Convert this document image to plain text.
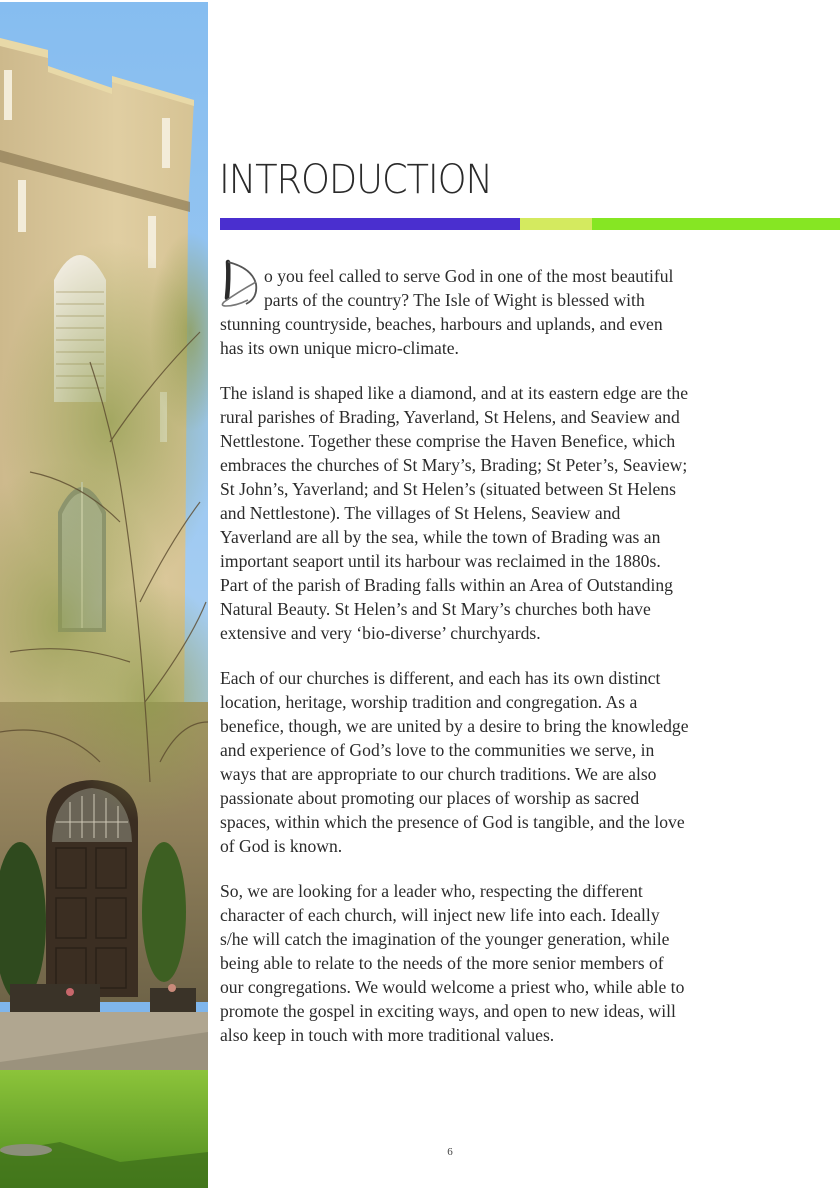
INTRODUCTION

o you feel called to serve God in one of the most beautiful parts of the country? The Isle of Wight is blessed with stunning countryside, beaches, harbours and uplands, and even has its own unique micro-climate.

The island is shaped like a diamond, and at its eastern edge are the rural parishes of Brading, Yaverland, St Helens, and Seaview and Nettlestone. Together these comprise the Haven Benefice, which embraces the churches of St Mary’s, Brading; St Peter’s, Seaview; St John’s, Yaverland; and St Helen’s (situated between St Helens and Nettlestone). The villages of St Helens, Seaview and Yaverland are all by the sea, while the town of Brading was an important seaport until its harbour was reclaimed in the 1880s. Part of the parish of Brading falls within an Area of Outstanding Natural Beauty. St Helen’s and St Mary’s churches both have extensive and very ‘bio-diverse’ churchyards.

Each of our churches is different, and each has its own distinct location, heritage, worship tradition and congregation. As a benefice, though, we are united by a desire to bring the knowledge and experience of God’s love to the communities we serve, in ways that are appropriate to our church traditions. We are also passionate about promoting our places of worship as sacred spaces, within which the presence of God is tangible, and the love of God is known.

So, we are looking for a leader who, respecting the different character of each church, will inject new life into each. Ideally s/he will catch the imagination of the younger generation, while being able to relate to the needs of the more senior members of our congregations. We would welcome a priest who, while able to promote the gospel in exciting ways, and open to new ideas, will also keep in touch with more traditional values.

6
